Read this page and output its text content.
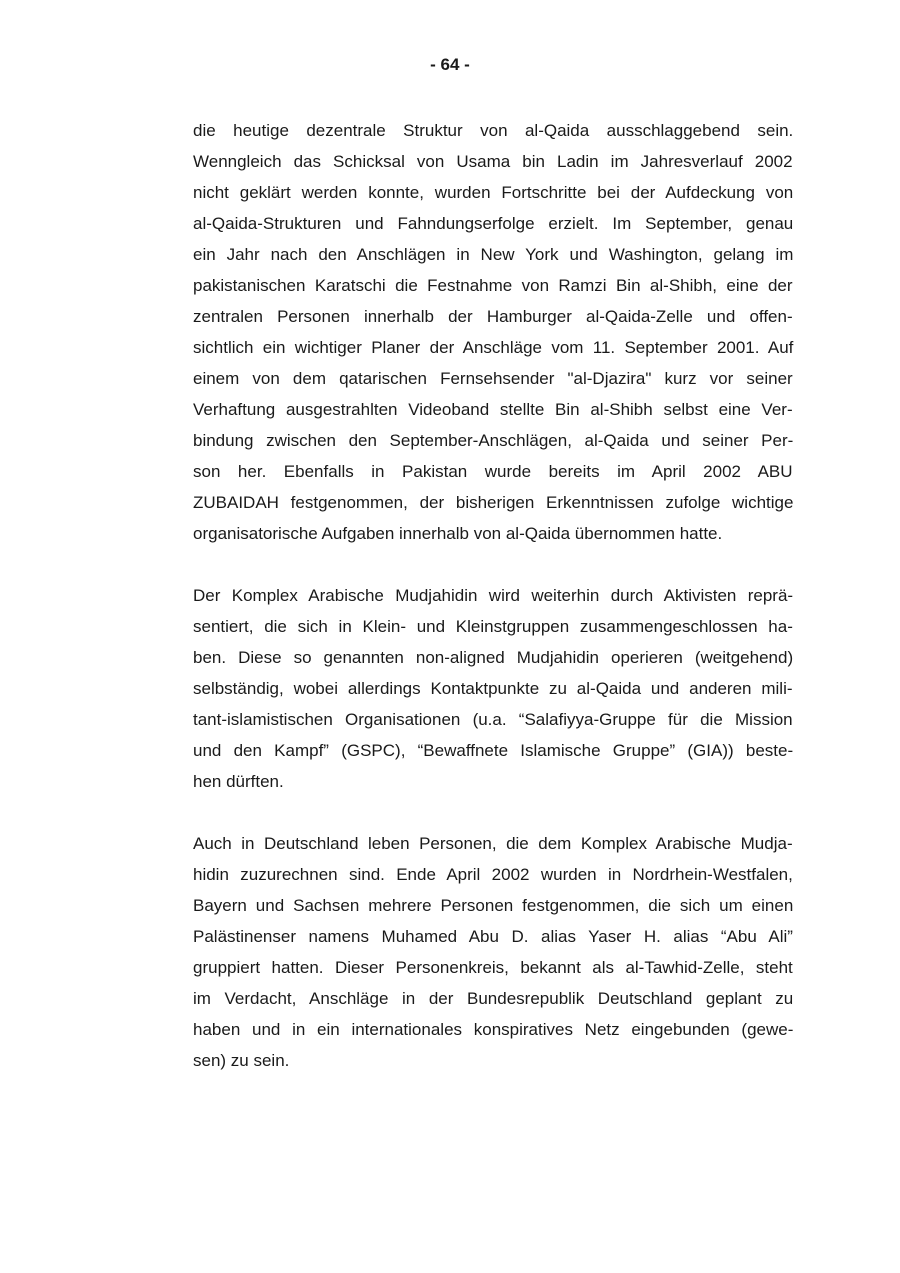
- 64 -
die heutige dezentrale Struktur von al-Qaida ausschlaggebend sein.
Wenngleich das Schicksal von Usama bin Ladin im Jahresverlauf 2002
nicht geklärt werden konnte, wurden Fortschritte bei der Aufdeckung von
al-Qaida-Strukturen und Fahndungserfolge erzielt. Im September, genau
ein Jahr nach den Anschlägen in New York und Washington, gelang im
pakistanischen Karatschi die Festnahme von Ramzi Bin al-Shibh, eine der
zentralen Personen innerhalb der Hamburger al-Qaida-Zelle und offen-
sichtlich ein wichtiger Planer der Anschläge vom 11. September 2001. Auf
einem von dem qatarischen Fernsehsender "al-Djazira" kurz vor seiner
Verhaftung ausgestrahlten Videoband stellte Bin al-Shibh selbst eine Ver-
bindung zwischen den September-Anschlägen, al-Qaida und seiner Per-
son her. Ebenfalls in Pakistan wurde bereits im April 2002 ABU
ZUBAIDAH festgenommen, der bisherigen Erkenntnissen zufolge wichtige
organisatorische Aufgaben innerhalb von al-Qaida übernommen hatte.
Der Komplex Arabische Mudjahidin wird weiterhin durch Aktivisten reprä-
sentiert, die sich in Klein- und Kleinstgruppen zusammengeschlossen ha-
ben. Diese so genannten non-aligned Mudjahidin operieren (weitgehend)
selbständig, wobei allerdings Kontaktpunkte zu al-Qaida und anderen mili-
tant-islamistischen Organisationen (u.a. “Salafiyya-Gruppe für die Mission
und den Kampf” (GSPC), “Bewaffnete Islamische Gruppe” (GIA)) beste-
hen dürften.
Auch in Deutschland leben Personen, die dem Komplex Arabische Mudja-
hidin zuzurechnen sind. Ende April 2002 wurden in Nordrhein-Westfalen,
Bayern und Sachsen mehrere Personen festgenommen, die sich um einen
Palästinenser namens Muhamed Abu D. alias Yaser H. alias “Abu Ali”
gruppiert hatten. Dieser Personenkreis, bekannt als al-Tawhid-Zelle, steht
im Verdacht, Anschläge in der Bundesrepublik Deutschland geplant zu
haben und in ein internationales konspiratives Netz eingebunden (gewe-
sen) zu sein.
